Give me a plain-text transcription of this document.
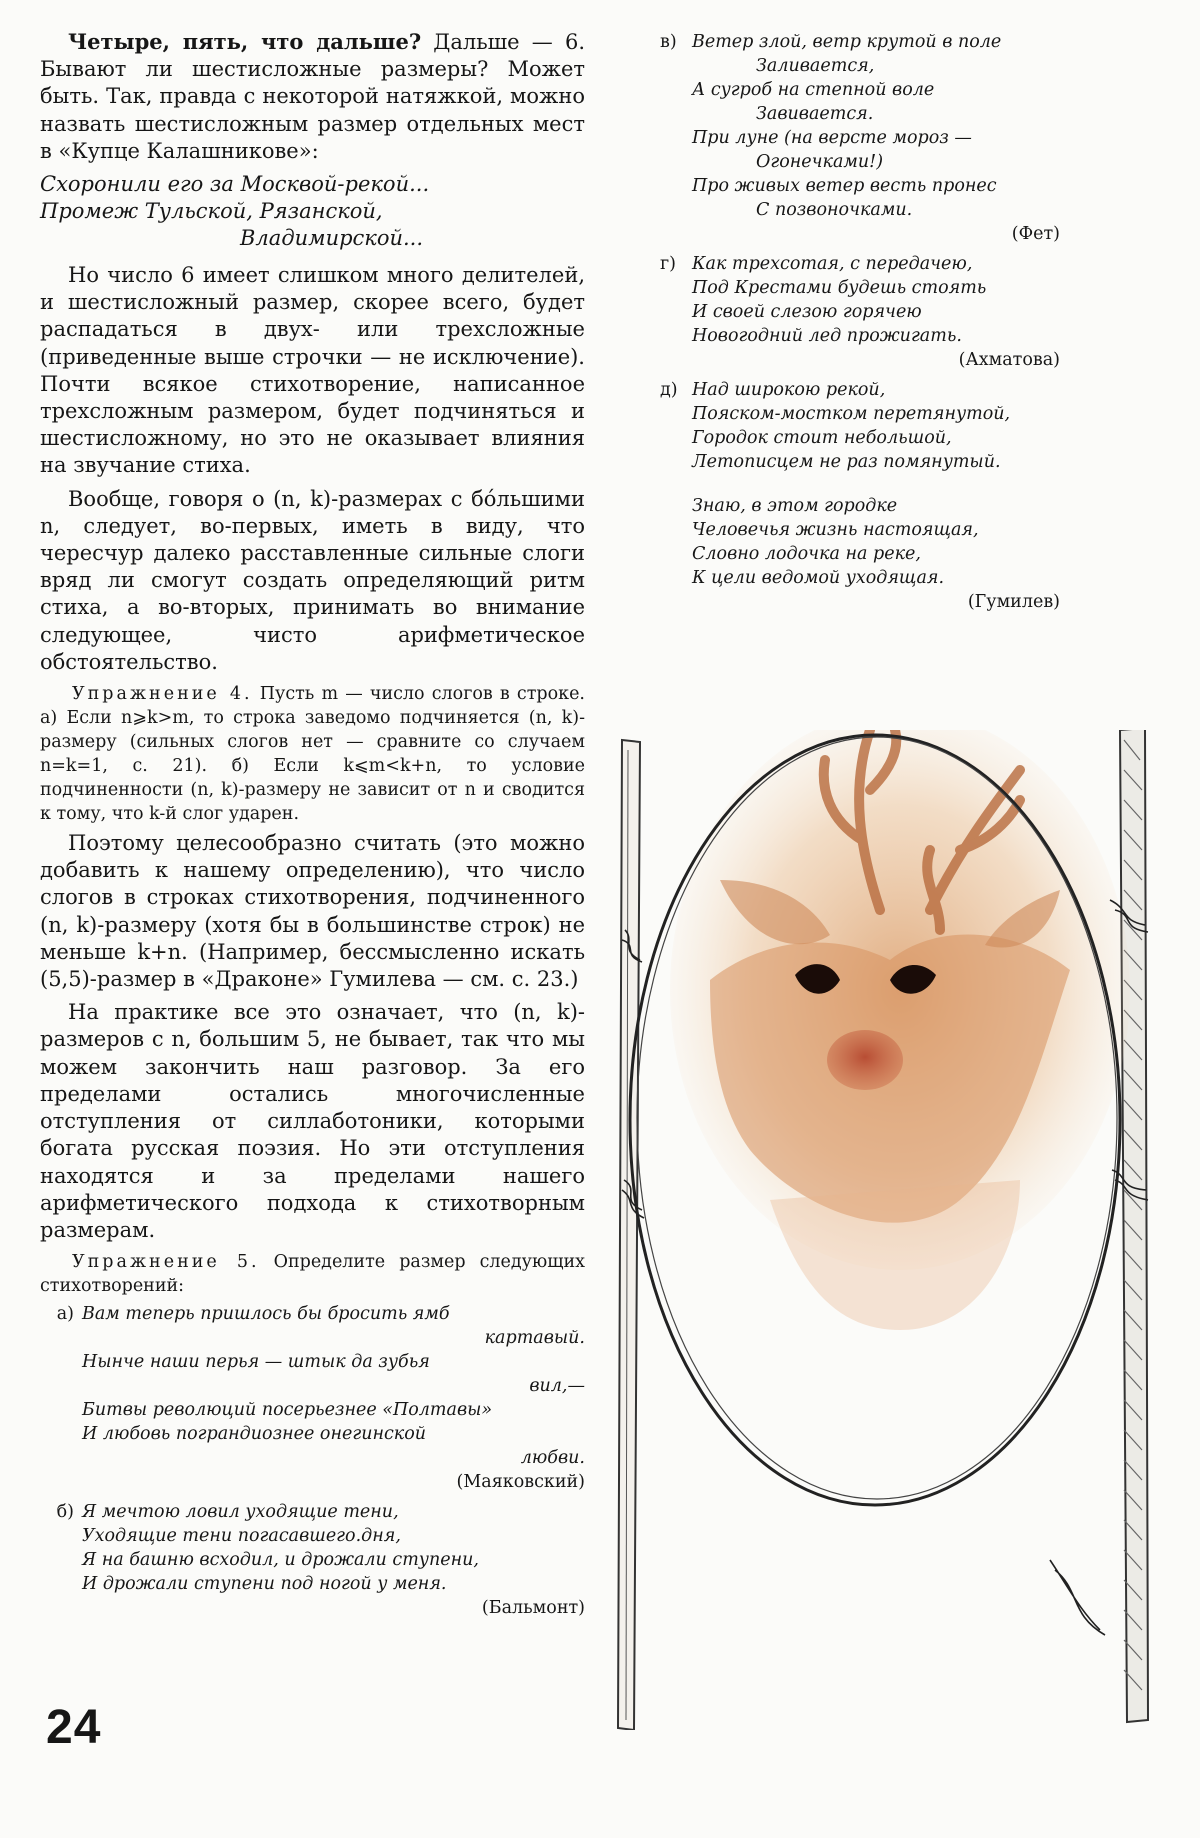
Четыре, пять, что дальше? Дальше — 6. Бывают ли шестисложные размеры? Может быть. Так, правда с некоторой натяжкой, можно назвать шестисложным размер отдельных мест в «Купце Калашникове»:

Схоронили его за Москвой-рекой...
Промеж Тульской, Рязанской,
Владимирской...

Но число 6 имеет слишком много делителей, и шестисложный размер, скорее всего, будет распадаться в двух- или трехсложные (приведенные выше строчки — не исключение). Почти всякое стихотворение, написанное трехсложным размером, будет подчиняться и шестисложному, но это не оказывает влияния на звучание стиха.

Вообще, говоря о (n, k)-размерах с бóльшими n, следует, во-первых, иметь в виду, что чересчур далеко расставленные сильные слоги вряд ли смогут создать определяющий ритм стиха, а во-вторых, принимать во внимание следующее, чисто арифметическое обстоятельство.

Упражнение 4. Пусть m — число слогов в строке. а) Если n⩾k>m, то строка заведомо подчиняется (n, k)-размеру (сильных слогов нет — сравните со случаем n=k=1, с. 21). б) Если k⩽m<k+n, то условие подчиненности (n, k)-размеру не зависит от n и сводится к тому, что k-й слог ударен.

Поэтому целесообразно считать (это можно добавить к нашему определению), что число слогов в строках стихотворения, подчиненного (n, k)-размеру (хотя бы в большинстве строк) не меньше k+n. (Например, бессмысленно искать (5,5)-размер в «Драконе» Гумилева — см. с. 23.)

На практике все это означает, что (n, k)-размеров с n, большим 5, не бывает, так что мы можем закончить наш разговор. За его пределами остались многочисленные отступления от силлаботоники, которыми богата русская поэзия. Но эти отступления находятся и за пределами нашего арифметического подхода к стихотворным размерам.

Упражнение 5. Определите размер следующих стихотворений:

а) Вам теперь пришлось бы бросить ямб
картавый.
Нынче наши перья — штык да зубья
вил,—
Битвы революций посерьезнее «Полтавы»
И любовь пограндиознее онегинской
любви.
(Маяковский)
б) Я мечтою ловил уходящие тени,
Уходящие тени погасавшего.дня,
Я на башню всходил, и дрожали ступени,
И дрожали ступени под ногой у меня.
(Бальмонт)
в) Ветер злой, ветр крутой в поле
Заливается,
А сугроб на степной воле
Завивается.
При луне (на версте мороз —
Огонечками!)
Про живых ветер весть пронес
С позвоночками.
(Фет)
г) Как трехсотая, с передачею,
Под Крестами будешь стоять
И своей слезою горячею
Новогодний лед прожигать.
(Ахматова)
д) Над широкою рекой,
Пояском-мостком перетянутой,
Городок стоит небольшой,
Летописцем не раз помянутый.
Знаю, в этом городке
Человечья жизнь настоящая,
Словно лодочка на реке,
К цели ведомой уходящая.
(Гумилев)
24
